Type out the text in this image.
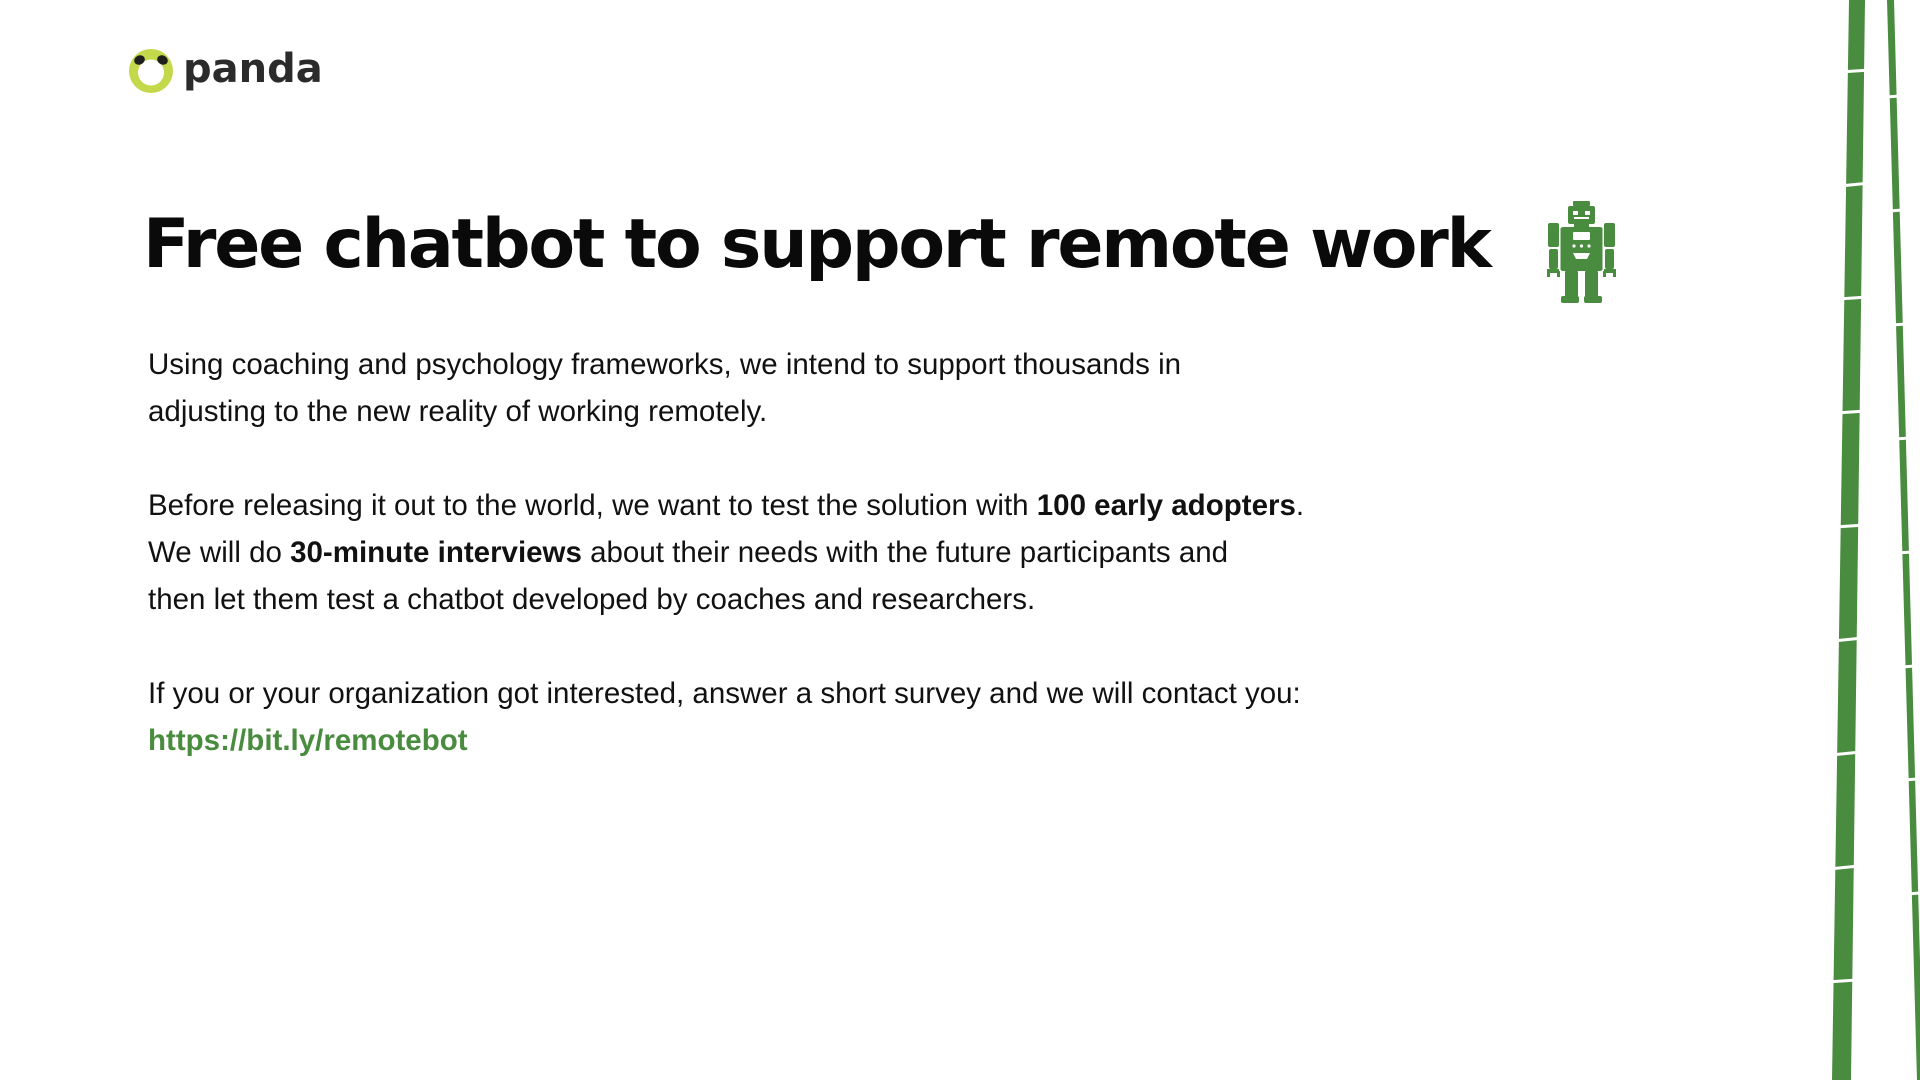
panda
Free chatbot to support remote work

Using coaching and psychology frameworks, we intend to support thousands in
adjusting to the new reality of working remotely.

Before releasing it out to the world, we want to test the solution with 100 early adopters.
We will do 30-minute interviews about their needs with the future participants and
then let them test a chatbot developed by coaches and researchers.

If you or your organization got interested, answer a short survey and we will contact you:
https://bit.ly/remotebot
